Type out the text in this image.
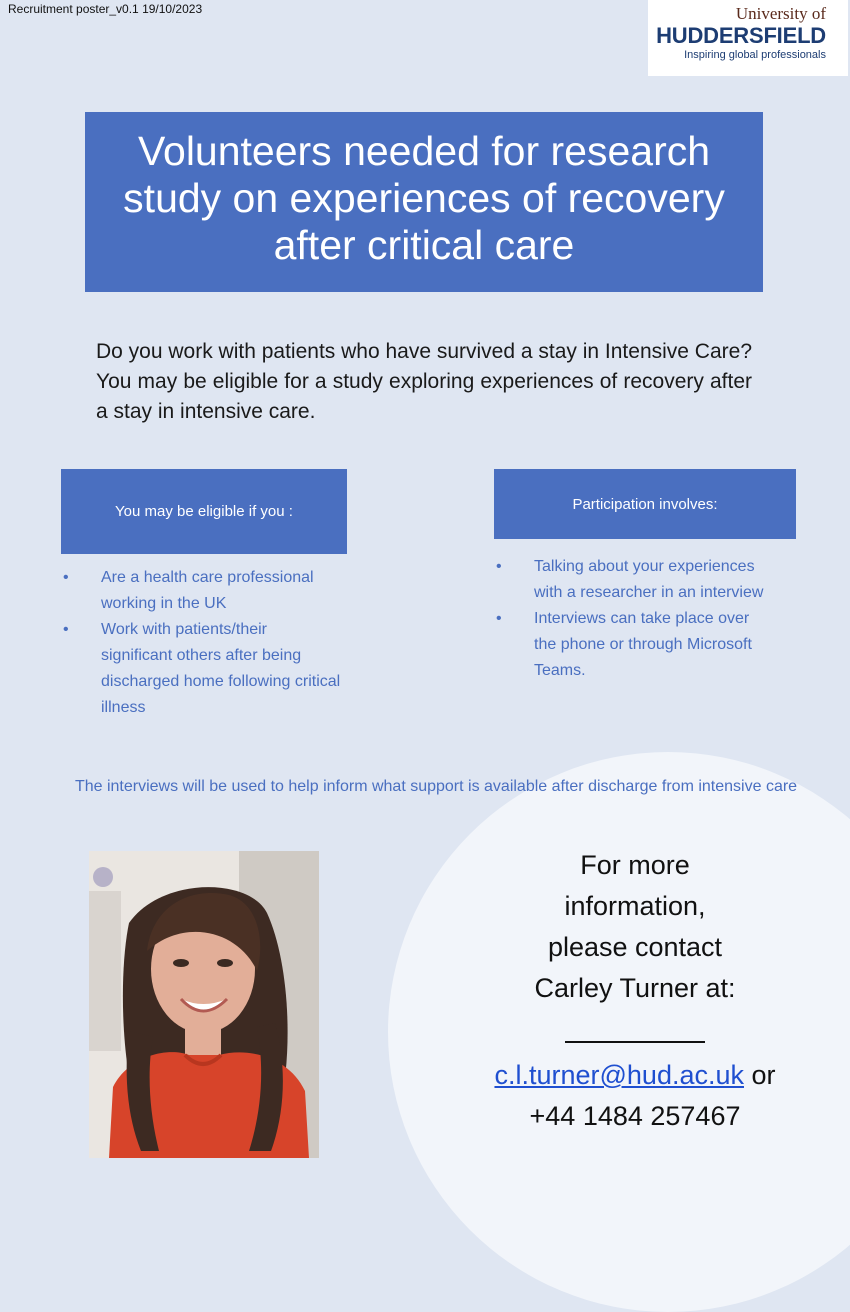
Recruitment poster_v0.1 19/10/2023	University of
HUDDERSFIELD
Inspiring global professionals
Volunteers needed for research study on experiences of recovery after critical care
Do you work with patients who have survived a stay in Intensive Care? You may be eligible for a study exploring experiences of recovery after a stay in intensive care.
You may be eligible if you :
• Are a health care professional working in the UK
• Work with patients/their significant others after being discharged home following critical illness
Participation involves:
• Talking about your experiences with a researcher in an interview
• Interviews can take place over the phone or through Microsoft Teams.
The interviews will be used to help inform what support is available after discharge from intensive care
For more
information,
please contact
Carley Turner at:
c.l.turner@hud.ac.uk or
+44 1484 257467
